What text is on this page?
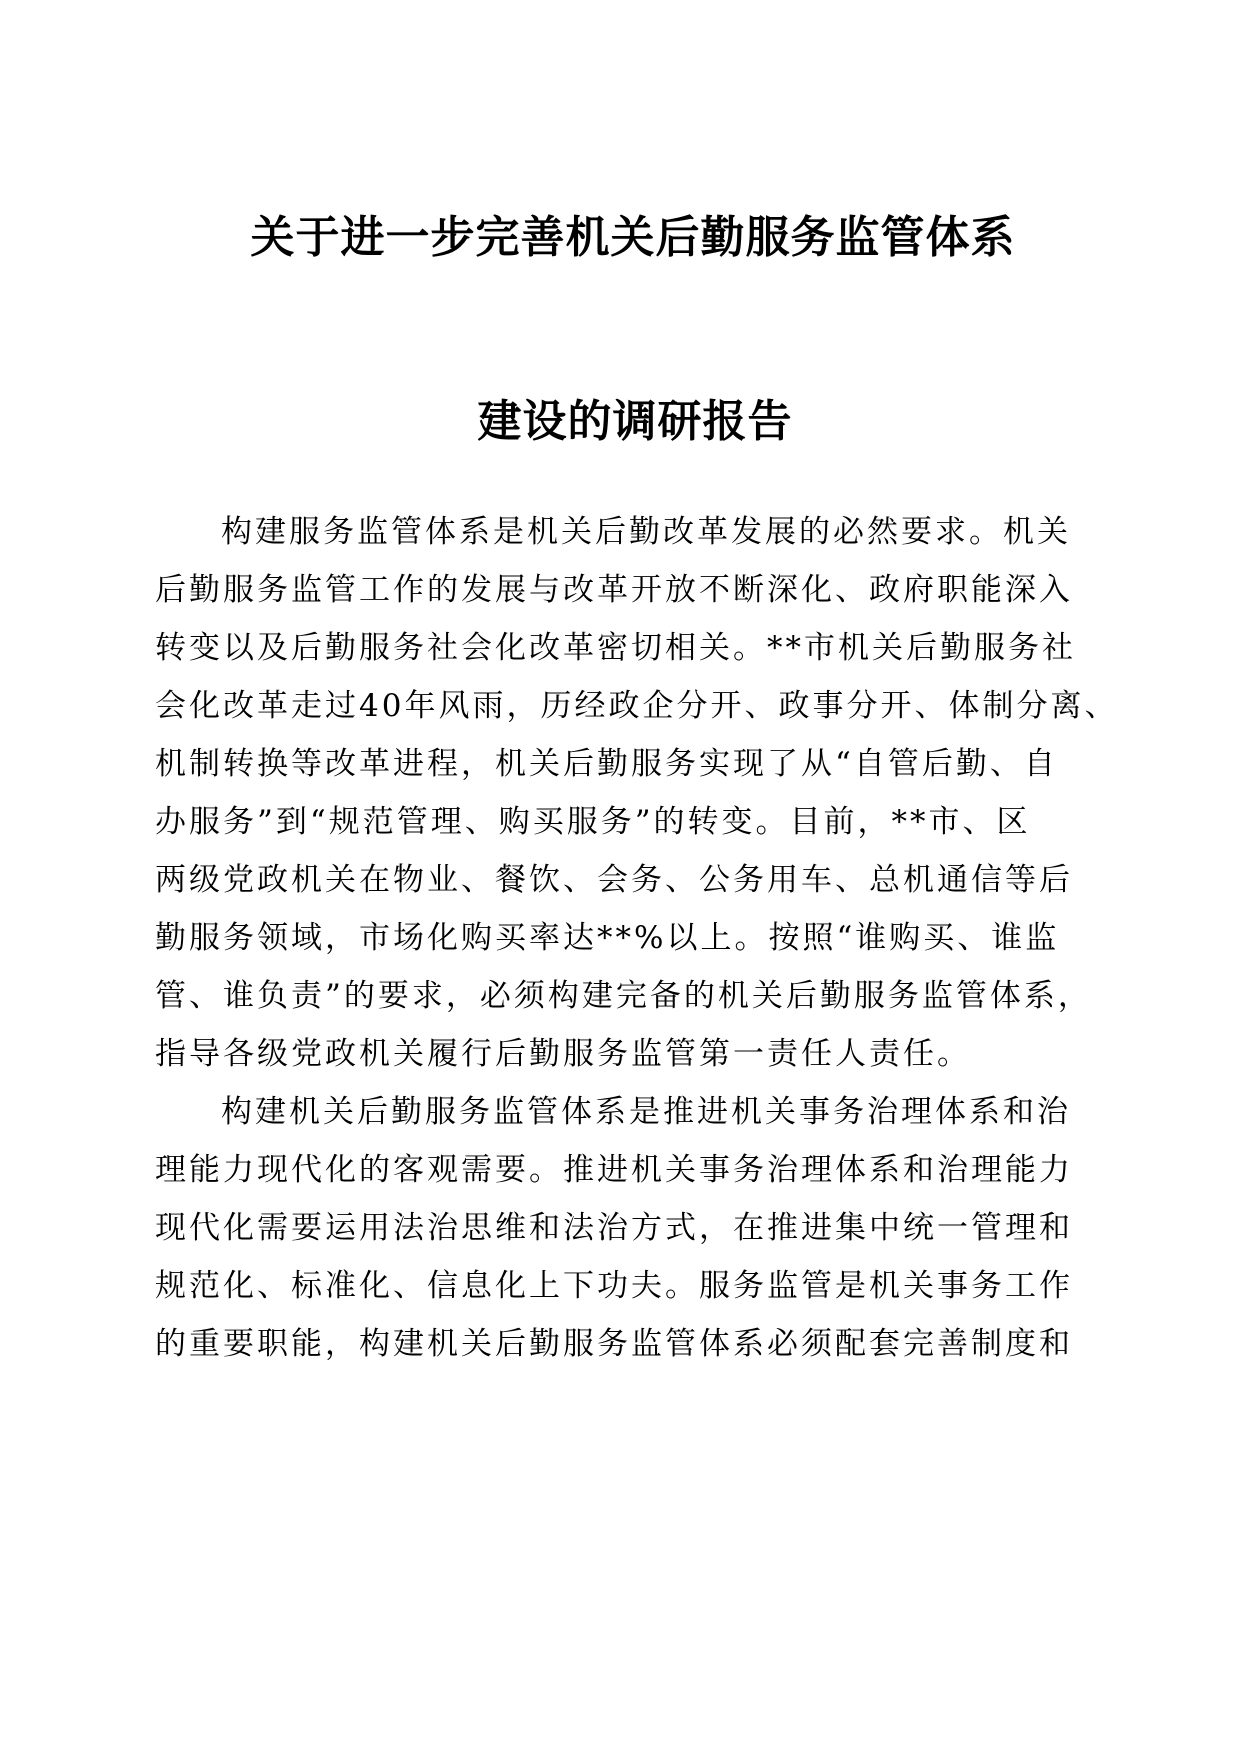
关于进一步完善机关后勤服务监管体系
建设的调研报告
构建服务监管体系是机关后勤改革发展的必然要求。机关
后勤服务监管工作的发展与改革开放不断深化、政府职能深入
转变以及后勤服务社会化改革密切相关。**市机关后勤服务社
会化改革走过40年风雨，历经政企分开、政事分开、体制分离、
机制转换等改革进程，机关后勤服务实现了从“自管后勤、自
办服务”到“规范管理、购买服务”的转变。目前，**市、区
两级党政机关在物业、餐饮、会务、公务用车、总机通信等后
勤服务领域，市场化购买率达**%以上。按照“谁购买、谁监
管、谁负责”的要求，必须构建完备的机关后勤服务监管体系，
指导各级党政机关履行后勤服务监管第一责任人责任。
构建机关后勤服务监管体系是推进机关事务治理体系和治
理能力现代化的客观需要。推进机关事务治理体系和治理能力
现代化需要运用法治思维和法治方式，在推进集中统一管理和
规范化、标准化、信息化上下功夫。服务监管是机关事务工作
的重要职能，构建机关后勤服务监管体系必须配套完善制度和
